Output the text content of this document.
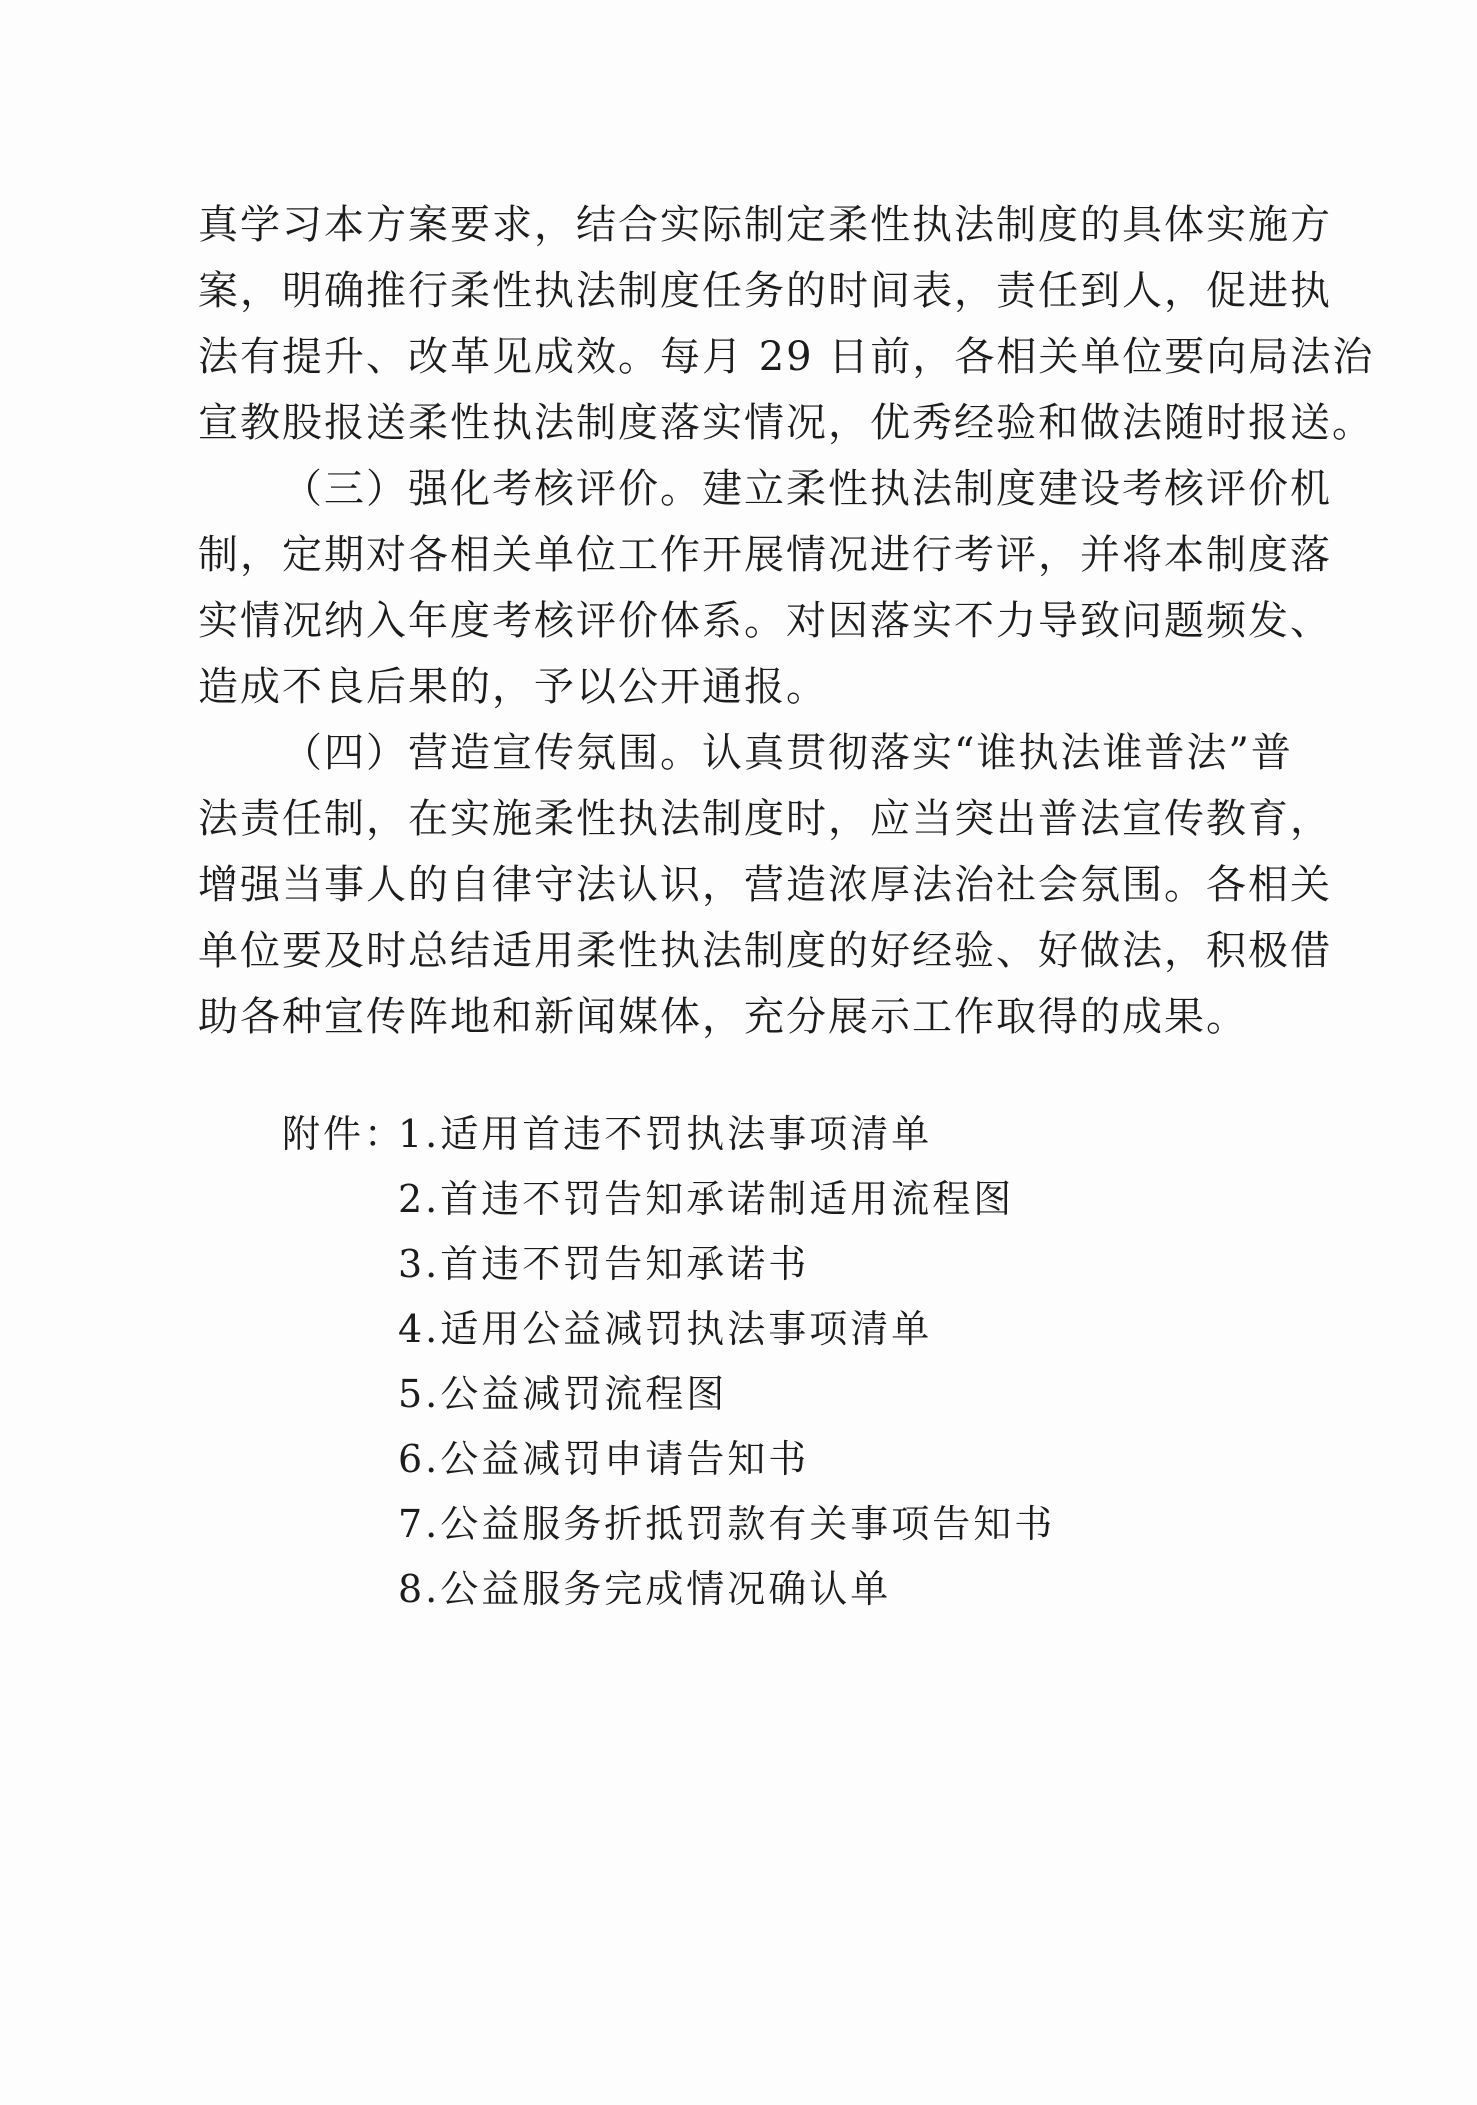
真学习本方案要求，结合实际制定柔性执法制度的具体实施方
案，明确推行柔性执法制度任务的时间表，责任到人，促进执
法有提升、改革见成效。每月 29 日前，各相关单位要向局法治
宣教股报送柔性执法制度落实情况，优秀经验和做法随时报送。
（三）强化考核评价。建立柔性执法制度建设考核评价机
制，定期对各相关单位工作开展情况进行考评，并将本制度落
实情况纳入年度考核评价体系。对因落实不力导致问题频发、
造成不良后果的，予以公开通报。
（四）营造宣传氛围。认真贯彻落实“谁执法谁普法”普
法责任制，在实施柔性执法制度时，应当突出普法宣传教育，
增强当事人的自律守法认识，营造浓厚法治社会氛围。各相关
单位要及时总结适用柔性执法制度的好经验、好做法，积极借
助各种宣传阵地和新闻媒体，充分展示工作取得的成果。
附件：
1.适用首违不罚执法事项清单
2.首违不罚告知承诺制适用流程图
3.首违不罚告知承诺书
4.适用公益减罚执法事项清单
5.公益减罚流程图
6.公益减罚申请告知书
7.公益服务折抵罚款有关事项告知书
8.公益服务完成情况确认单
